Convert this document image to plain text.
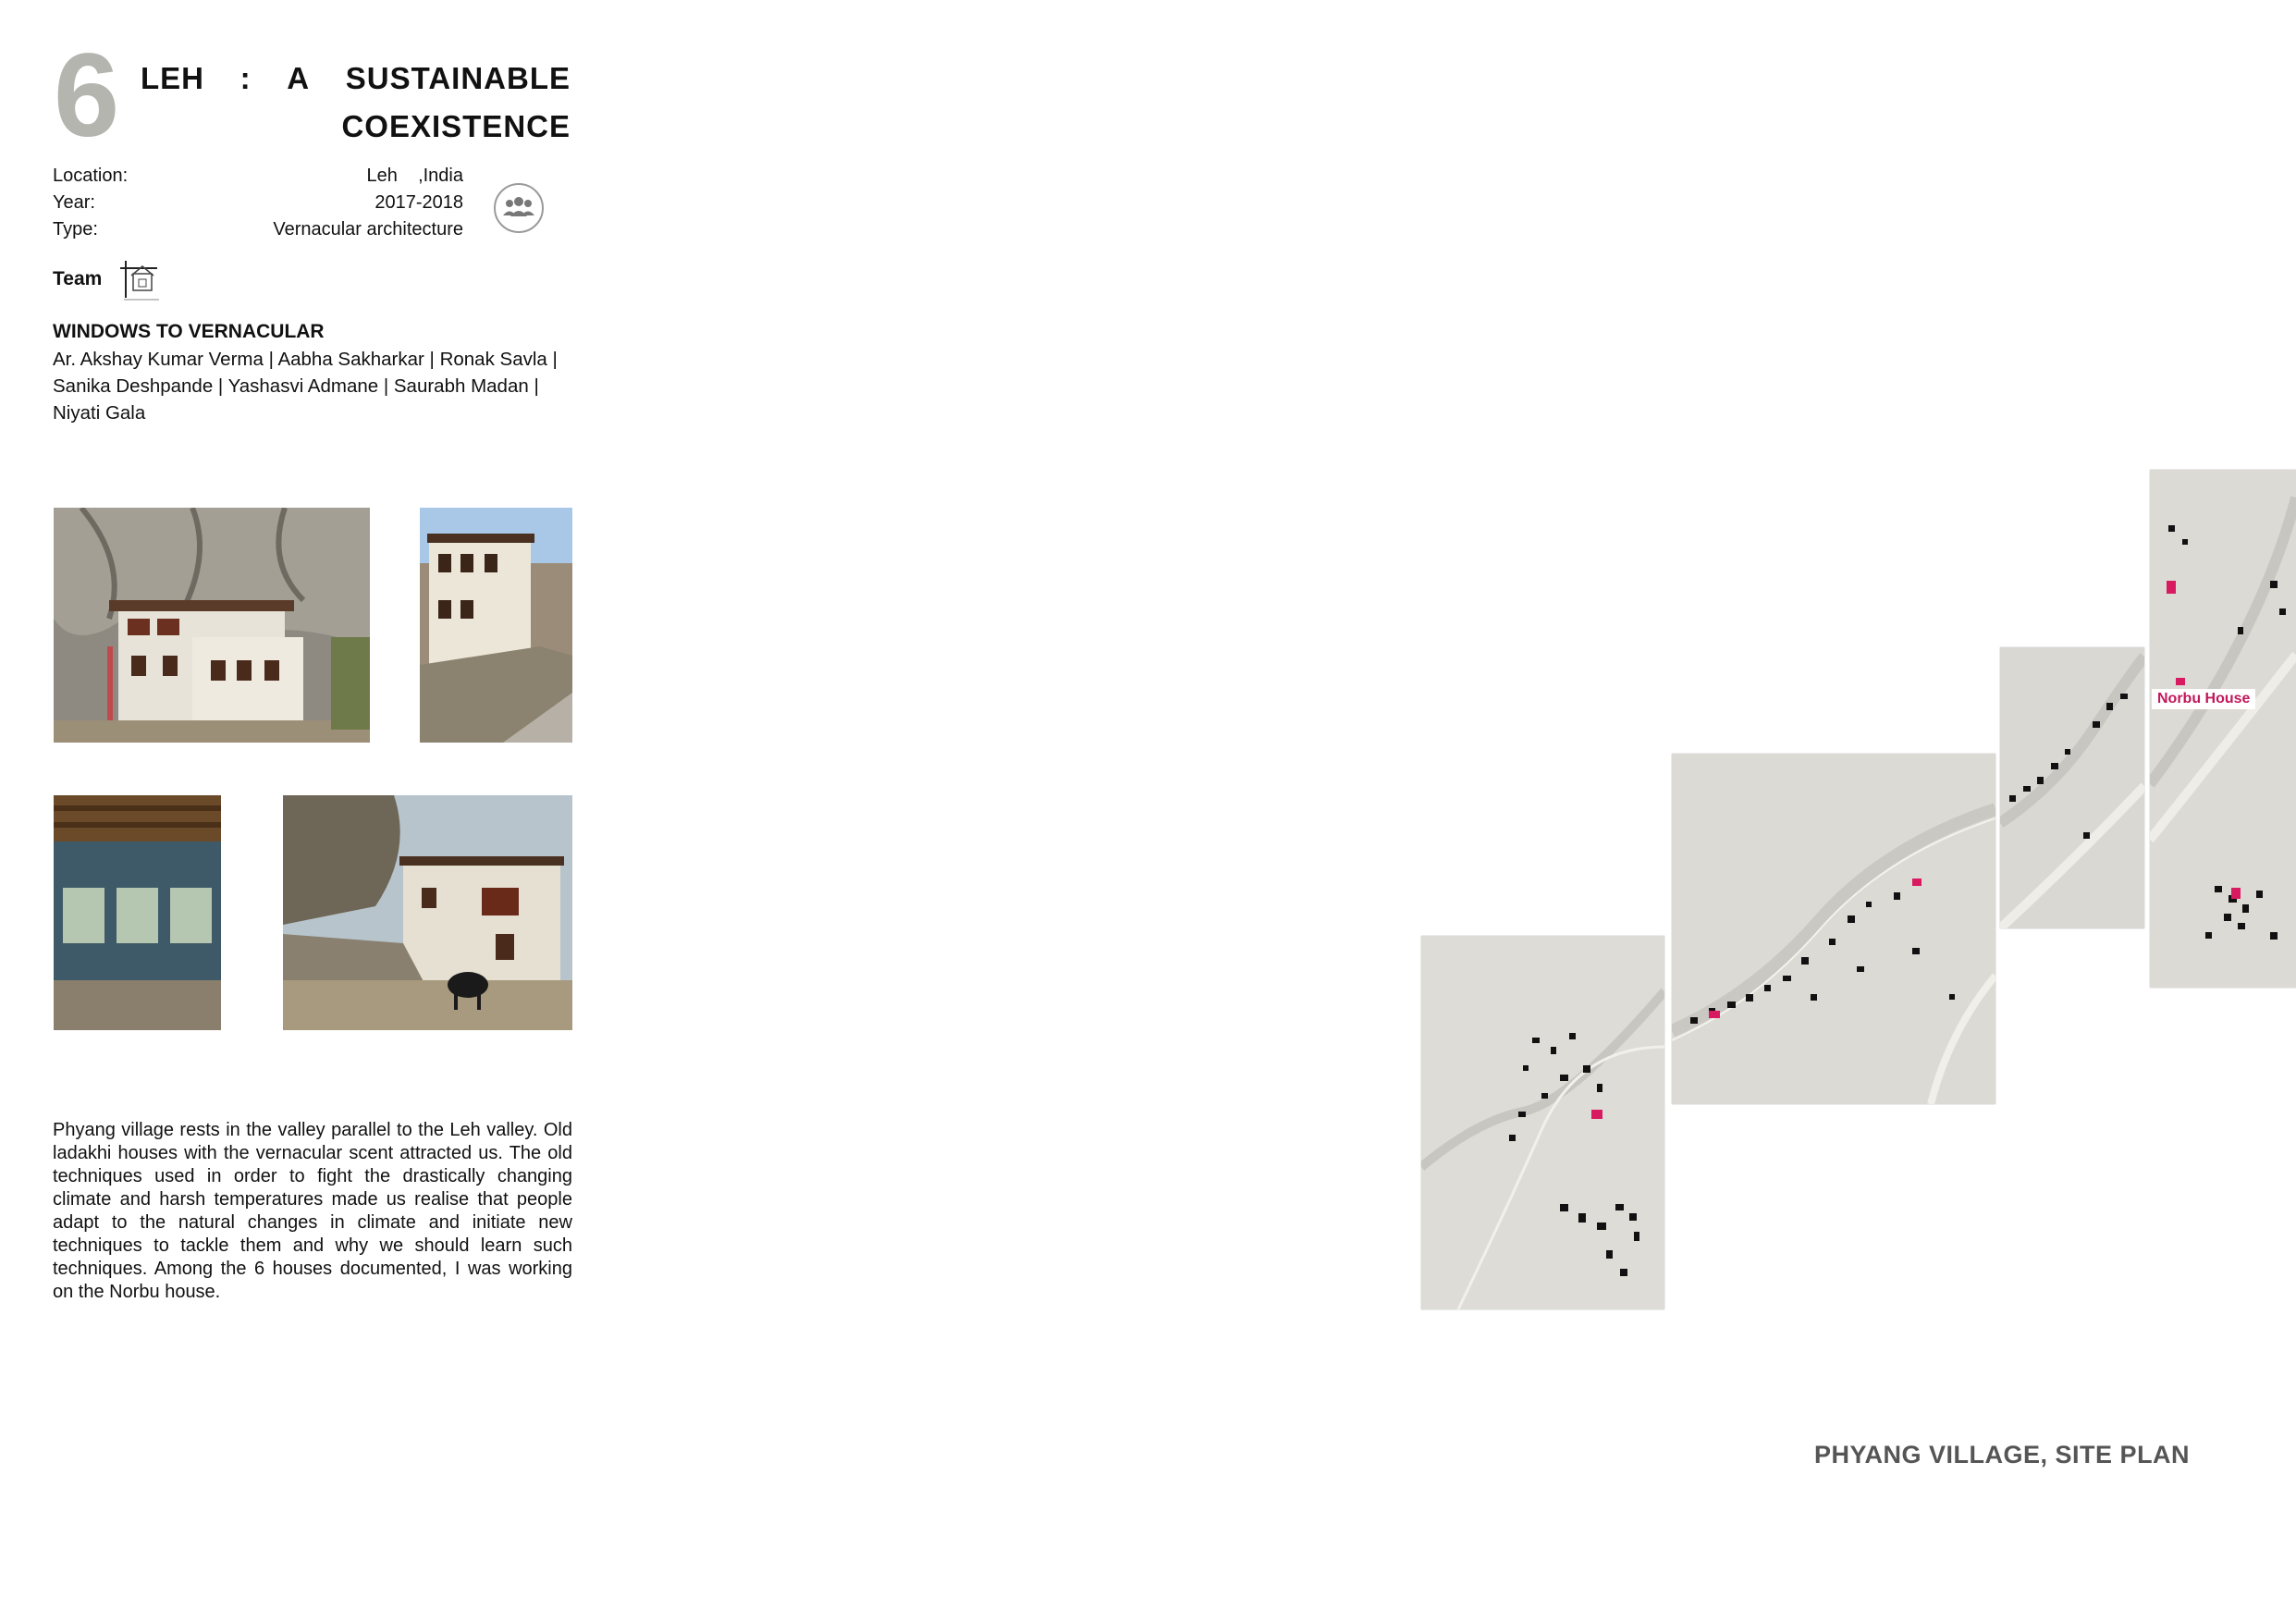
6 LEH : A SUSTAINABLE
COEXISTENCE
Location:	Leh    ,India
Year:	2017-2018
Type:	Vernacular architecture
Team
WINDOWS TO VERNACULAR
Ar. Akshay Kumar Verma | Aabha Sakharkar | Ronak Savla | Sanika Deshpande | Yashasvi Admane | Saurabh Madan | Niyati Gala
Phyang village rests in the valley parallel to the Leh valley. Old ladakhi houses with the vernacular scent attracted us. The old techniques used in order to fight the drastically changing climate and harsh temperatures made us realise that people adapt to the natural changes in climate and initiate new techniques to tackle them and why we should learn such techniques. Among the 6 houses documented, I was working on the Norbu house.
Norbu House
PHYANG VILLAGE, SITE PLAN
